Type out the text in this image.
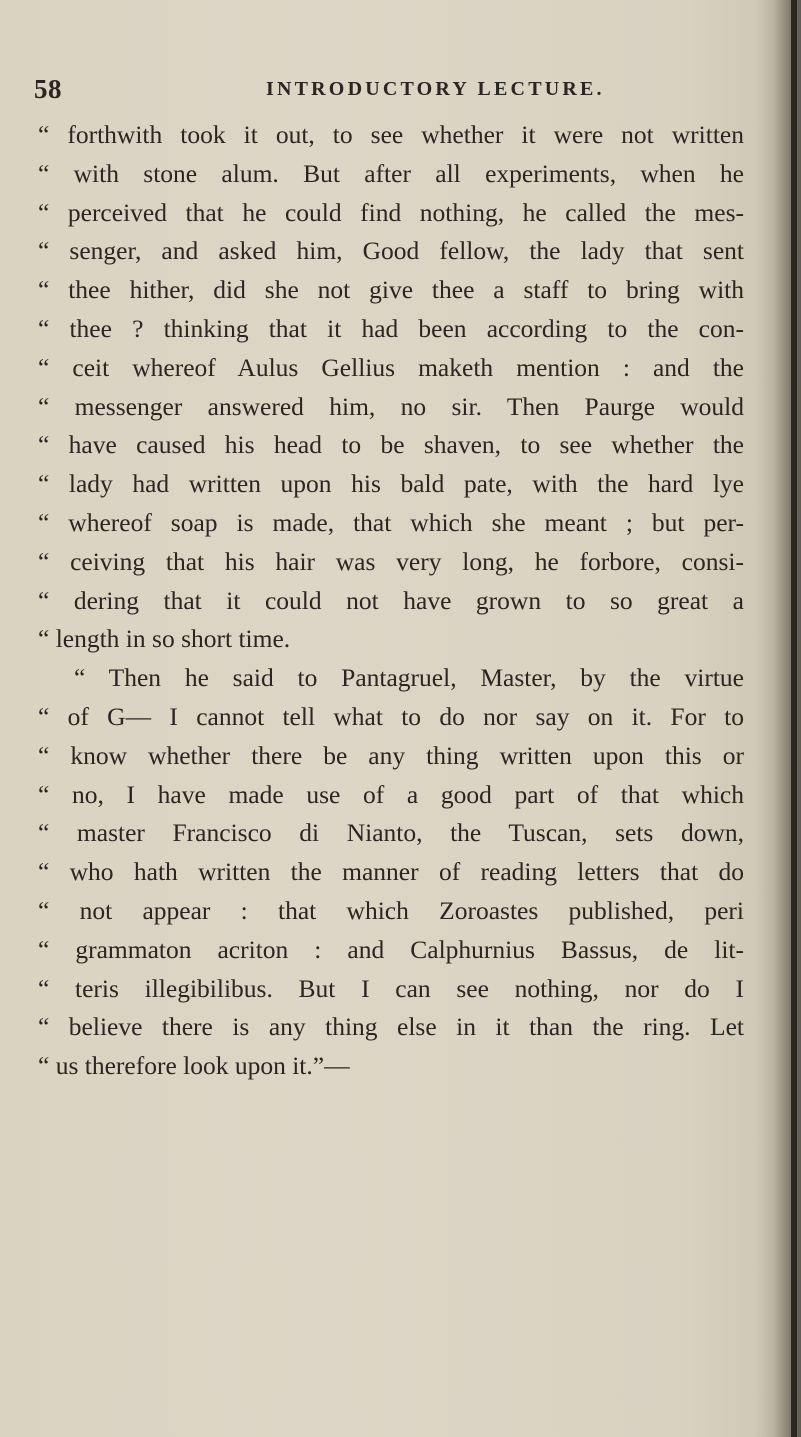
58	INTRODUCTORY LECTURE.
“ forthwith took it out, to see whether it were not written
“ with stone alum. But after all experiments, when he
“ perceived that he could find nothing, he called the mes-
“ senger, and asked him, Good fellow, the lady that sent
“ thee hither, did she not give thee a staff to bring with
“ thee ? thinking that it had been according to the con-
“ ceit whereof Aulus Gellius maketh mention : and the
“ messenger answered him, no sir. Then Paurge would
“ have caused his head to be shaven, to see whether the
“ lady had written upon his bald pate, with the hard lye
“ whereof soap is made, that which she meant ; but per-
“ ceiving that his hair was very long, he forbore, consi-
“ dering that it could not have grown to so great a
“ length in so short time.
“ Then he said to Pantagruel, Master, by the virtue
“ of G— I cannot tell what to do nor say on it. For to
“ know whether there be any thing written upon this or
“ no, I have made use of a good part of that which
“ master Francisco di Nianto, the Tuscan, sets down,
“ who hath written the manner of reading letters that do
“ not appear : that which Zoroastes published, peri
“ grammaton acriton : and Calphurnius Bassus, de lit-
“ teris illegibilibus. But I can see nothing, nor do I
“ believe there is any thing else in it than the ring. Let
“ us therefore look upon it.”—
